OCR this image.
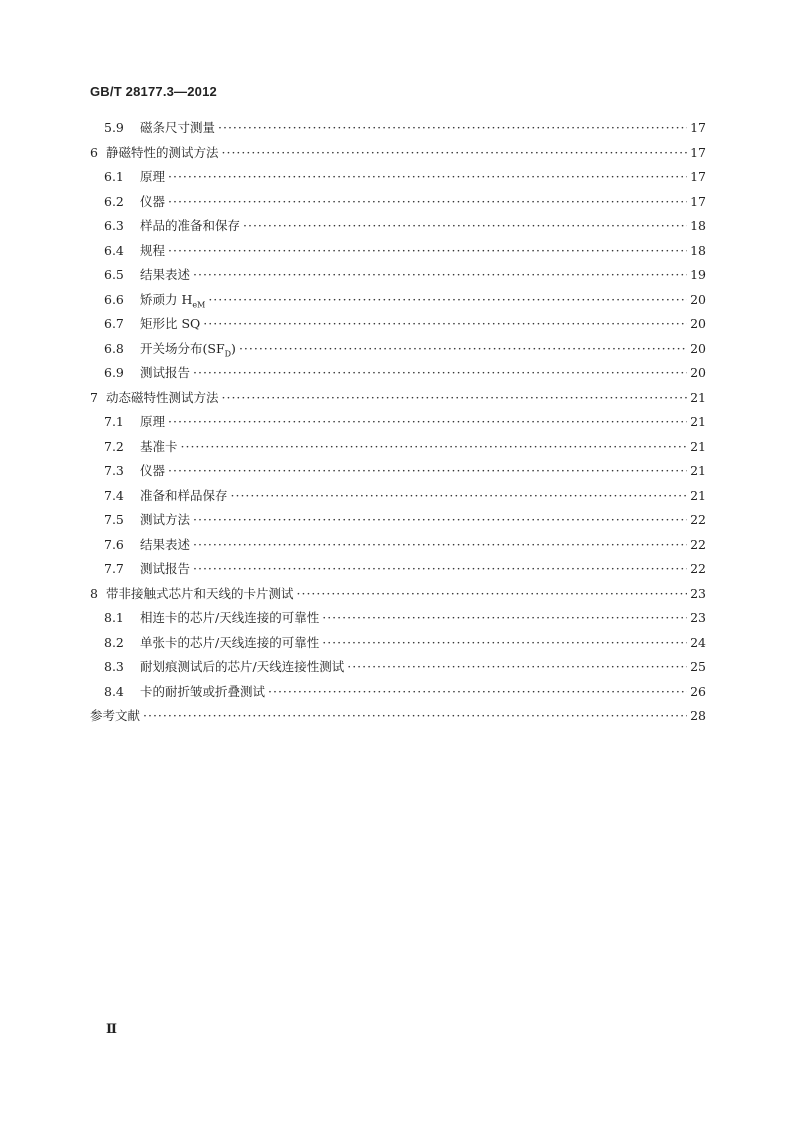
GB/T 28177.3—2012
5.9	磁条尺寸测量 ·····	17
6 静磁特性的测试方法 ·····	17
6.1	原理 ·····	17
6.2	仪器 ·····	17
6.3	样品的准备和保存 ·····	18
6.4	规程 ·····	18
6.5	结果表述 ·····	19
6.6	矫顽力 $H_{eM}$ ·····	20
6.7	矩形比 SQ ·····	20
6.8	开关场分布$(SF_D)$ ·····	20
6.9	测试报告 ·····	20
7 动态磁特性测试方法 ·····	21
7.1	原理 ·····	21
7.2	基准卡 ·····	21
7.3	仪器 ·····	21
7.4	准备和样品保存 ·····	21
7.5	测试方法 ·····	22
7.6	结果表述 ·····	22
7.7	测试报告 ·····	22
8 带非接触式芯片和天线的卡片测试 ·····	23
8.1	相连卡的芯片/天线连接的可靠性 ·····	23
8.2	单张卡的芯片/天线连接的可靠性 ·····	24
8.3	耐划痕测试后的芯片/天线连接性测试 ·····	25
8.4	卡的耐折皱或折叠测试 ·····	26
参考文献 ·····	28
Ⅱ
